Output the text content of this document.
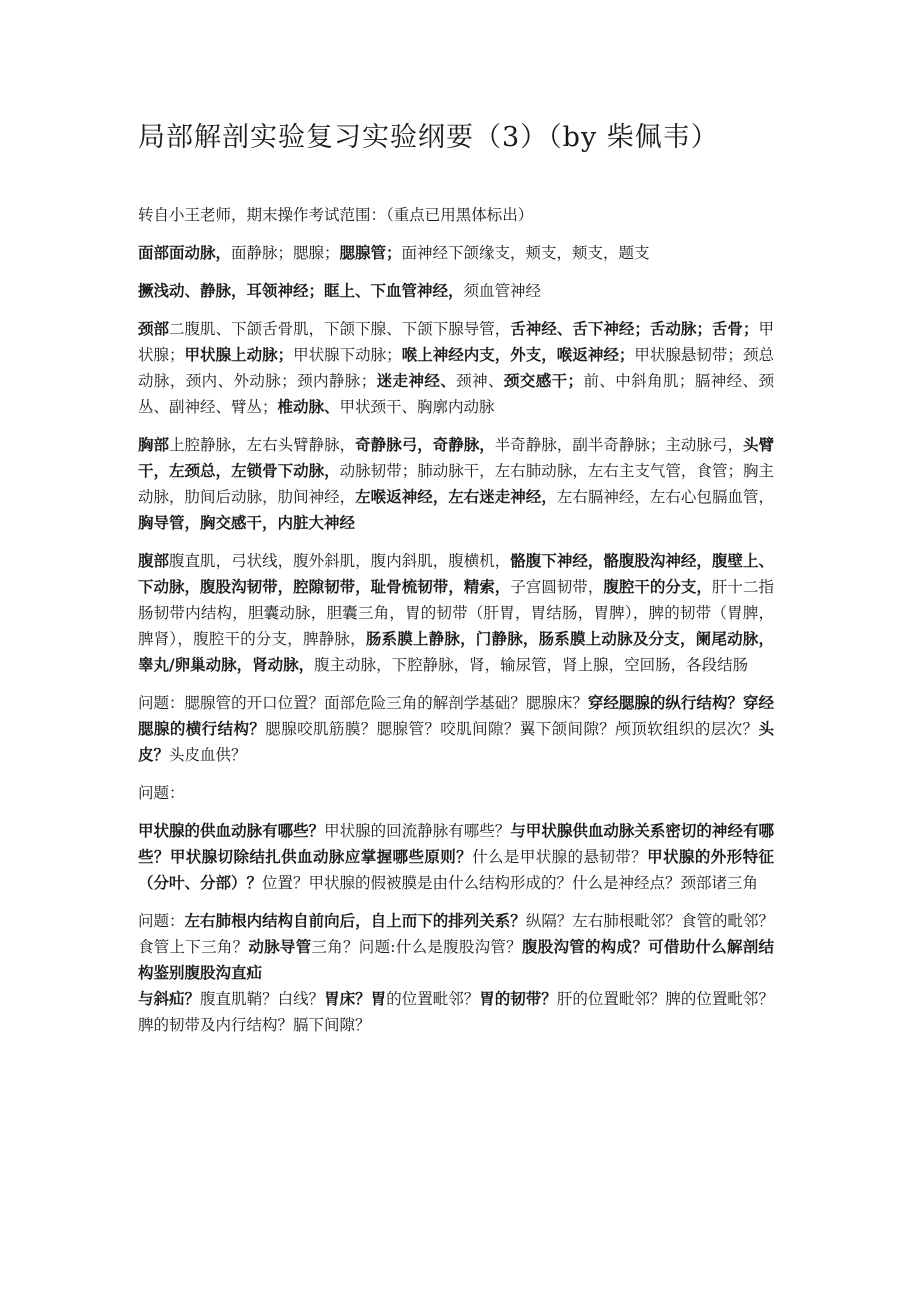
局部解剖实验复习实验纲要（3）（by 柴佩韦）

转自小王老师，期末操作考试范围：（重点已用黑体标出）

面部面动脉，面静脉；腮腺；腮腺管；面神经下颌缘支，颊支，颊支，题支

撅浅动、静脉，耳领神经；眶上、下血管神经，须血管神经

颈部二腹肌、下颌舌骨肌，下颌下腺、下颌下腺导管，舌神经、舌下神经；舌动脉；舌骨；甲状腺；甲状腺上动脉；甲状腺下动脉；喉上神经内支，外支，喉返神经；甲状腺悬韧带；颈总动脉，颈内、外动脉；颈内静脉；迷走神经、颈神、颈交感干；前、中斜角肌；膈神经、颈丛、副神经、臂丛；椎动脉、甲状颈干、胸廓内动脉

胸部上腔静脉，左右头臂静脉，奇静脉弓，奇静脉，半奇静脉，副半奇静脉；主动脉弓，头臂干，左颈总，左锁骨下动脉，动脉韧带；肺动脉干，左右肺动脉，左右主支气管，食管；胸主动脉，肋间后动脉，肋间神经，左喉返神经，左右迷走神经，左右膈神经，左右心包膈血管，胸导管，胸交感干，内脏大神经

腹部腹直肌，弓状线，腹外斜肌，腹内斜肌，腹横机，骼腹下神经，骼腹股沟神经，腹壁上、下动脉，腹股沟韧带，腔隙韧带，耻骨梳韧带，精索，子宫圆韧带，腹腔干的分支，肝十二指肠韧带内结构，胆囊动脉，胆囊三角，胃的韧带（肝胃，胃结肠，胃脾），脾的韧带（胃脾，脾肾），腹腔干的分支，脾静脉，肠系膜上静脉，门静脉，肠系膜上动脉及分支，阑尾动脉，睾丸/卵巢动脉，肾动脉，腹主动脉，下腔静脉，肾，输尿管，肾上腺，空回肠，各段结肠

问题：腮腺管的开口位置？面部危险三角的解剖学基础？腮腺床？穿经腮腺的纵行结构？穿经腮腺的横行结构？腮腺咬肌筋膜？腮腺管？咬肌间隙？翼下颌间隙？颅顶软组织的层次？头皮？头皮血供？

问题：

甲状腺的供血动脉有哪些？甲状腺的回流静脉有哪些？与甲状腺供血动脉关系密切的神经有哪些？甲状腺切除结扎供血动脉应掌握哪些原则？什么是甲状腺的悬韧带？甲状腺的外形特征（分叶、分部）？位置？甲状腺的假被膜是由什么结构形成的？什么是神经点？颈部诸三角

问题：左右肺根内结构自前向后，自上而下的排列关系？纵隔？左右肺根毗邻？食管的毗邻？食管上下三角？动脉导管三角？问题:什么是腹股沟管？腹股沟管的构成？可借助什么解剖结构鉴别腹股沟直疝

与斜疝？腹直肌鞘？白线？胃床？胃的位置毗邻？胃的韧带？肝的位置毗邻？脾的位置毗邻？脾的韧带及内行结构？膈下间隙？
